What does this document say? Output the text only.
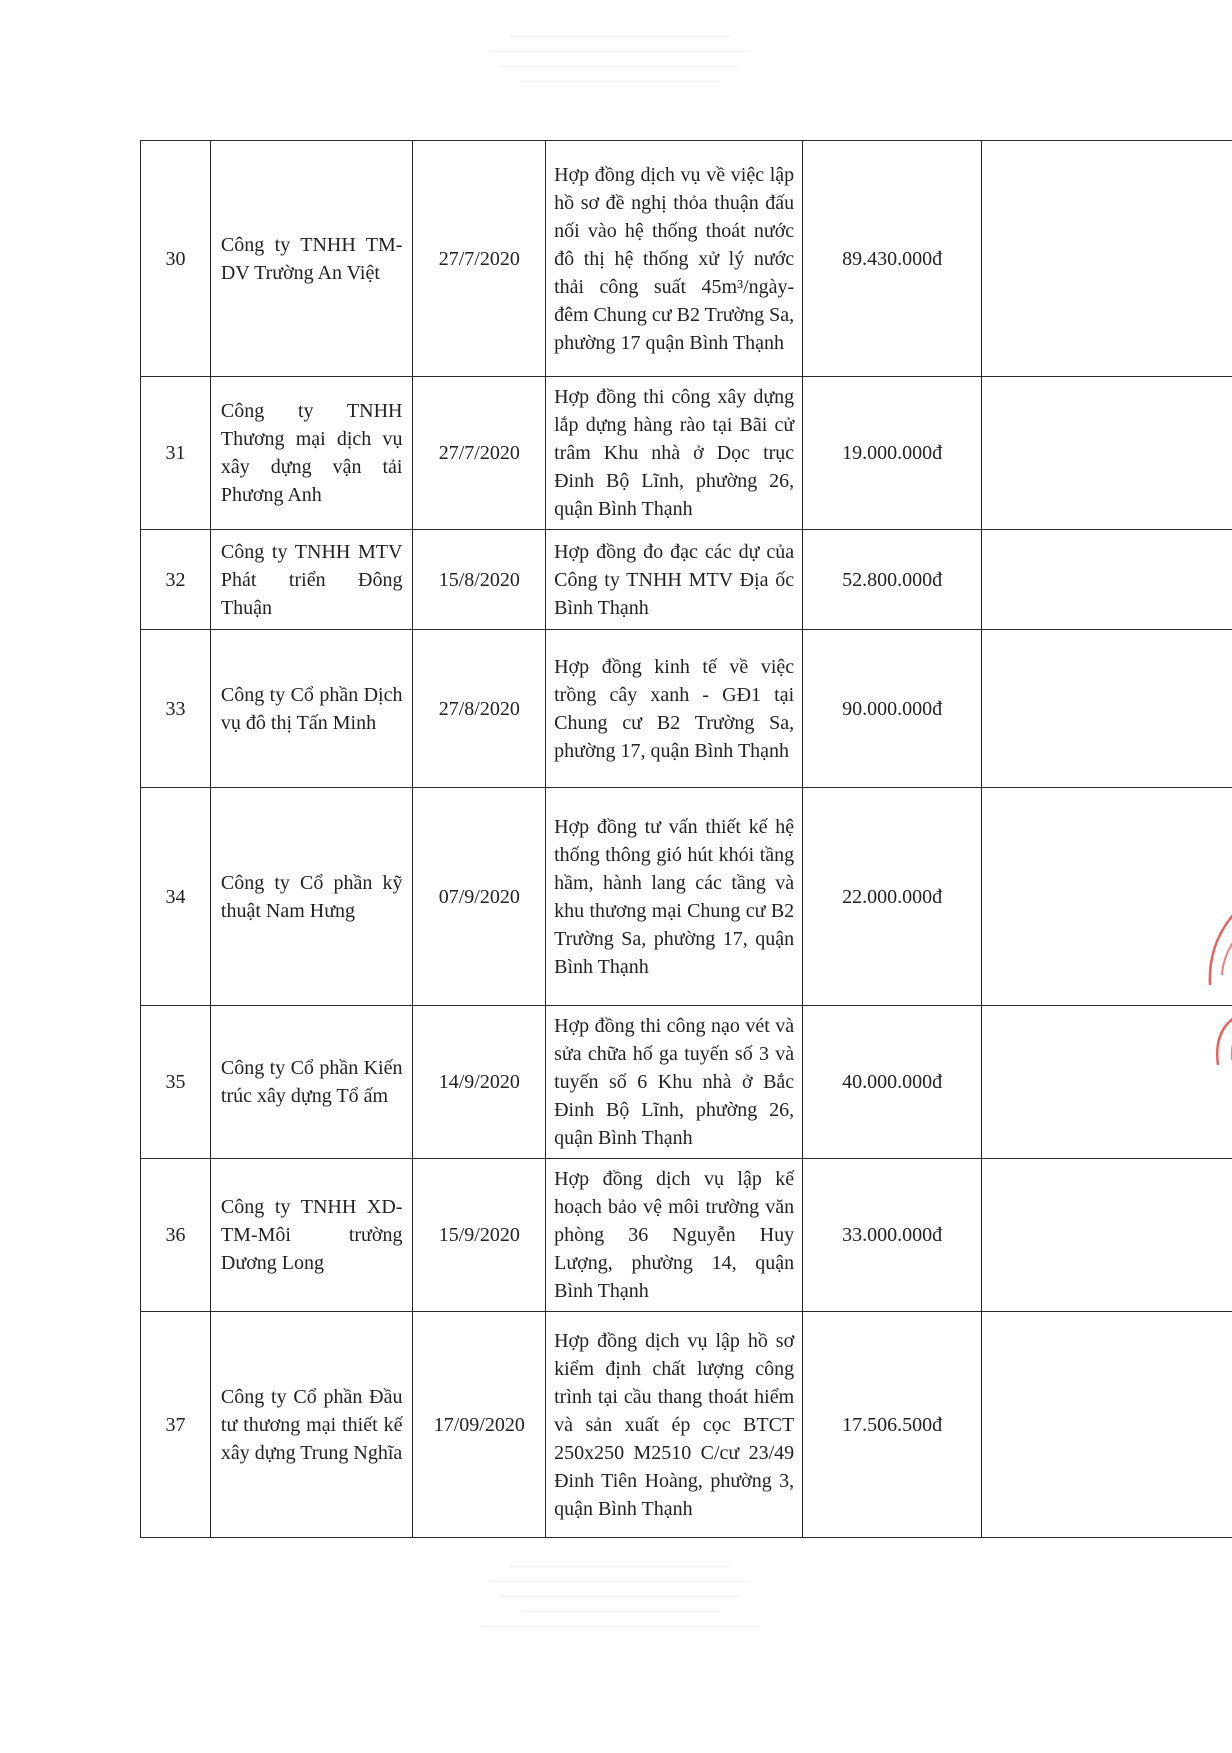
30	Công ty TNHH TM-DV Trường An Việt	27/7/2020	Hợp đồng dịch vụ về việc lập hồ sơ đề nghị thỏa thuận đấu nối vào hệ thống thoát nước đô thị hệ thống xử lý nước thải công suất 45m³/ngày-đêm Chung cư B2 Trường Sa, phường 17 quận Bình Thạnh	89.430.000đ	
31	Công ty TNHH Thương mại dịch vụ xây dựng vận tải Phương Anh	27/7/2020	Hợp đồng thi công xây dựng lắp dựng hàng rào tại Bãi cử trâm Khu nhà ở Dọc trục Đinh Bộ Lĩnh, phường 26, quận Bình Thạnh	19.000.000đ	
32	Công ty TNHH MTV Phát triển Đông Thuận	15/8/2020	Hợp đồng đo đạc các dự của Công ty TNHH MTV Địa ốc Bình Thạnh	52.800.000đ	
33	Công ty Cổ phần Dịch vụ đô thị Tấn Minh	27/8/2020	Hợp đồng kinh tế về việc trồng cây xanh - GĐ1 tại Chung cư B2 Trường Sa, phường 17, quận Bình Thạnh	90.000.000đ	
34	Công ty Cổ phần kỹ thuật Nam Hưng	07/9/2020	Hợp đồng tư vấn thiết kế hệ thống thông gió hút khói tầng hầm, hành lang các tầng và khu thương mại Chung cư B2 Trường Sa, phường 17, quận Bình Thạnh	22.000.000đ	
35	Công ty Cổ phần Kiến trúc xây dựng Tổ ấm	14/9/2020	Hợp đồng thi công nạo vét và sửa chữa hố ga tuyến số 3 và tuyến số 6 Khu nhà ở Bắc Đinh Bộ Lĩnh, phường 26, quận Bình Thạnh	40.000.000đ	
36	Công ty TNHH XD-TM-Môi trường Dương Long	15/9/2020	Hợp đồng dịch vụ lập kế hoạch bảo vệ môi trường văn phòng 36 Nguyễn Huy Lượng, phường 14, quận Bình Thạnh	33.000.000đ	
37	Công ty Cổ phần Đầu tư thương mại thiết kế xây dựng Trung Nghĩa	17/09/2020	Hợp đồng dịch vụ lập hồ sơ kiểm định chất lượng công trình tại cầu thang thoát hiểm và sản xuất ép cọc BTCT 250x250 M2510 C/cư 23/49 Đinh Tiên Hoàng, phường 3, quận Bình Thạnh	17.506.500đ	
